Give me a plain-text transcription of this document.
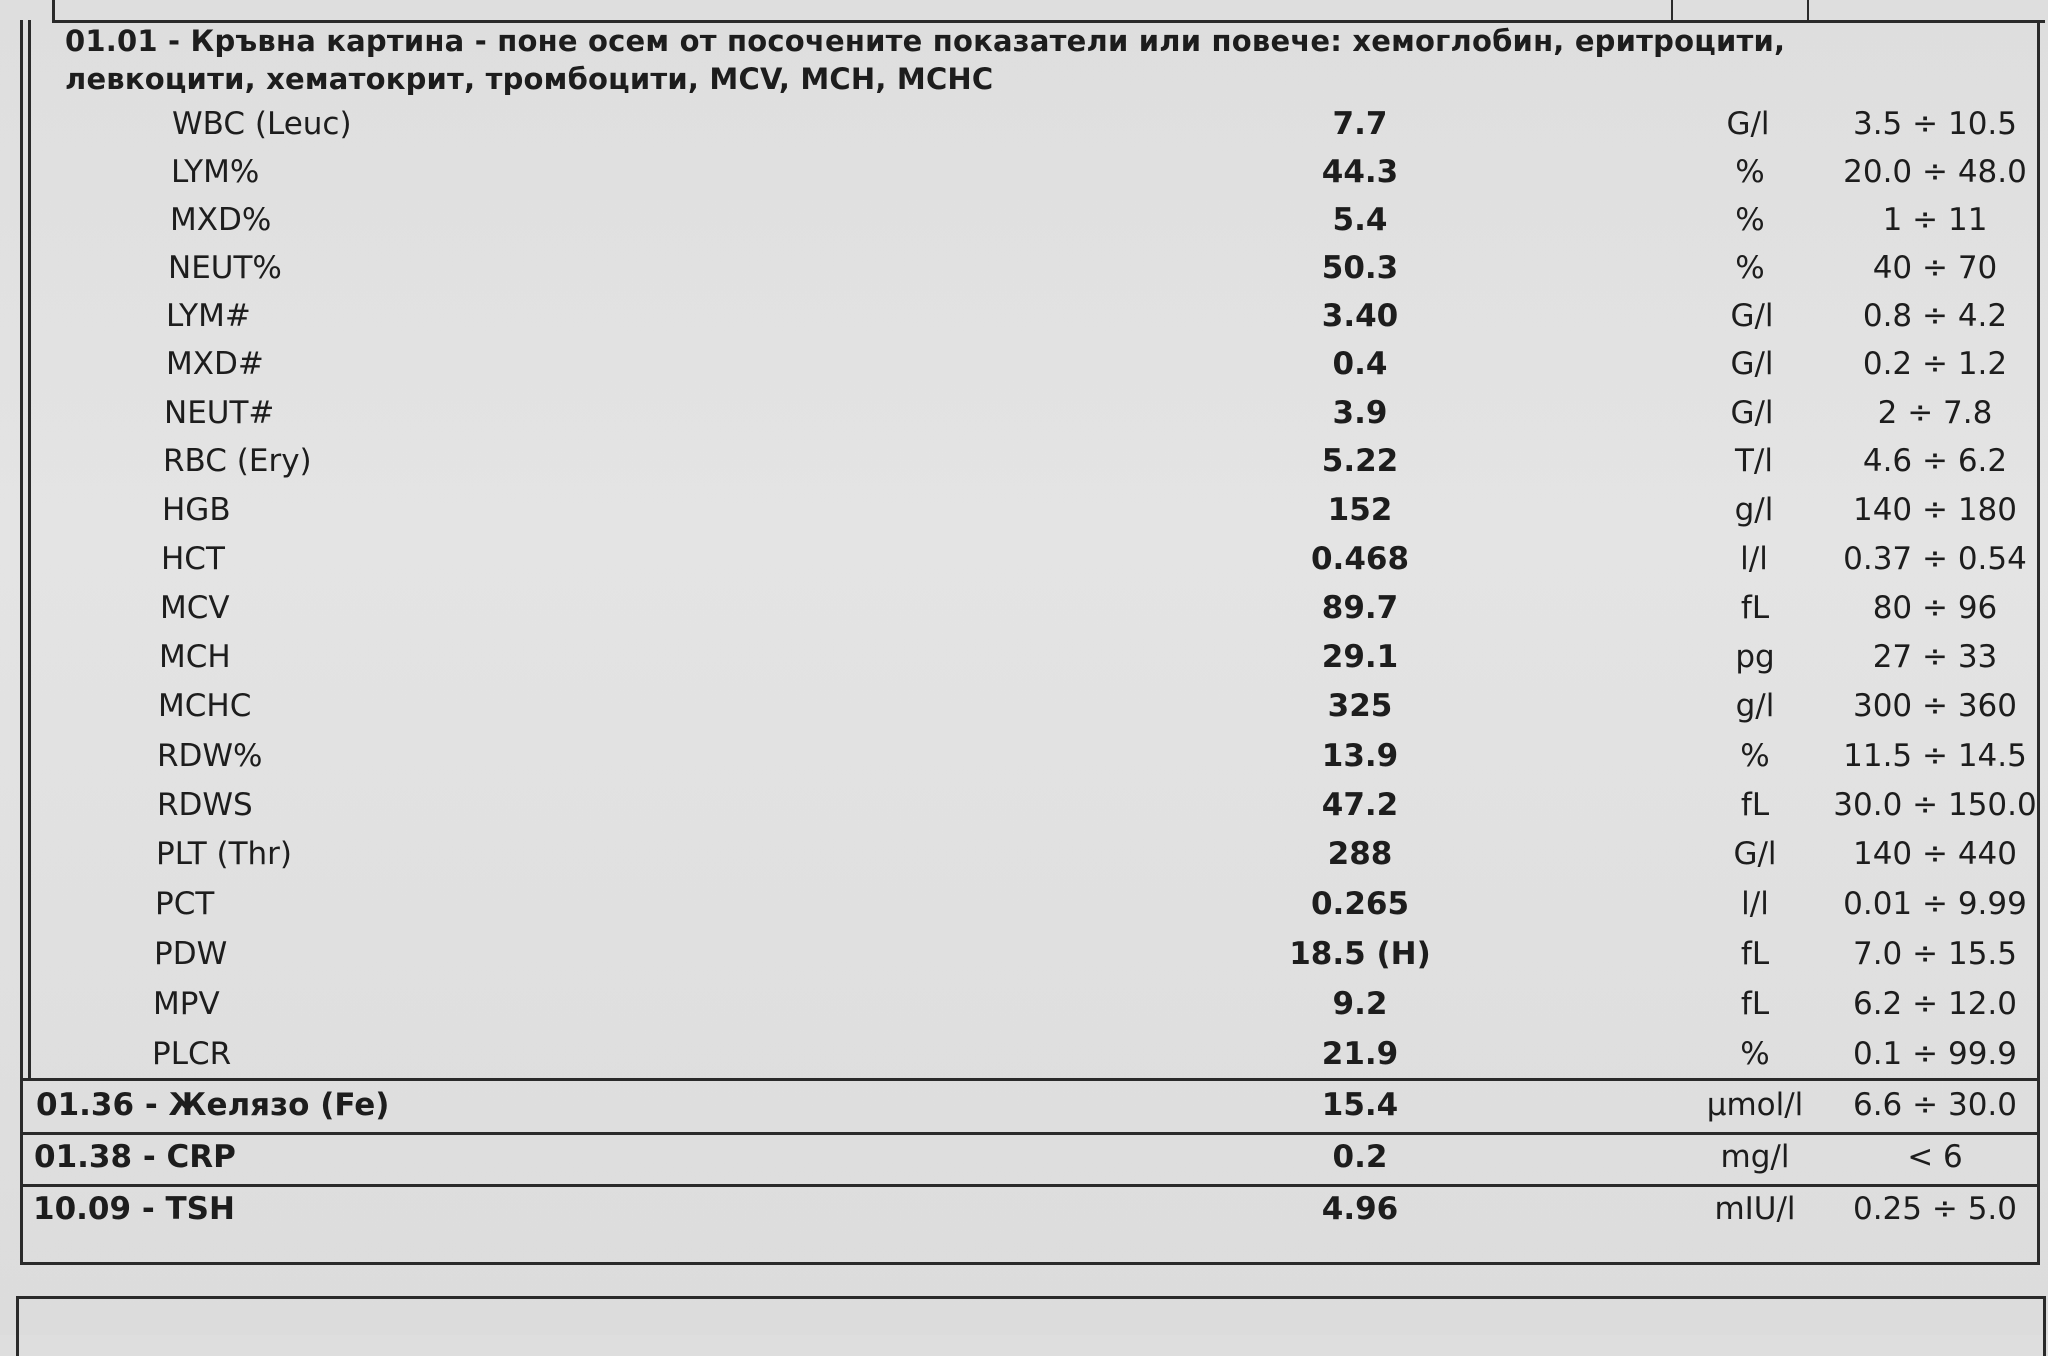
01.01 - Кръвна картина - поне осем от посочените показатели или повече: хемоглобин, еритроцити, левкоцити, хематокрит, тромбоцити, MCV, MCH, MCHC
WBC (Leuc)	7.7	G/l	3.5 ÷ 10.5
LYM%	44.3	%	20.0 ÷ 48.0
MXD%	5.4	%	1 ÷ 11
NEUT%	50.3	%	40 ÷ 70
LYM#	3.40	G/l	0.8 ÷ 4.2
MXD#	0.4	G/l	0.2 ÷ 1.2
NEUT#	3.9	G/l	2 ÷ 7.8
RBC (Ery)	5.22	T/l	4.6 ÷ 6.2
HGB	152	g/l	140 ÷ 180
HCT	0.468	l/l	0.37 ÷ 0.54
MCV	89.7	fL	80 ÷ 96
MCH	29.1	pg	27 ÷ 33
MCHC	325	g/l	300 ÷ 360
RDW%	13.9	%	11.5 ÷ 14.5
RDWS	47.2	fL	30.0 ÷ 150.0
PLT (Thr)	288	G/l	140 ÷ 440
PCT	0.265	l/l	0.01 ÷ 9.99
PDW	18.5 (H)	fL	7.0 ÷ 15.5
MPV	9.2	fL	6.2 ÷ 12.0
PLCR	21.9	%	0.1 ÷ 99.9
01.36 - Желязо (Fe)	15.4	µmol/l	6.6 ÷ 30.0
01.38 - CRP	0.2	mg/l	< 6
10.09 - TSH	4.96	mIU/l	0.25 ÷ 5.0
